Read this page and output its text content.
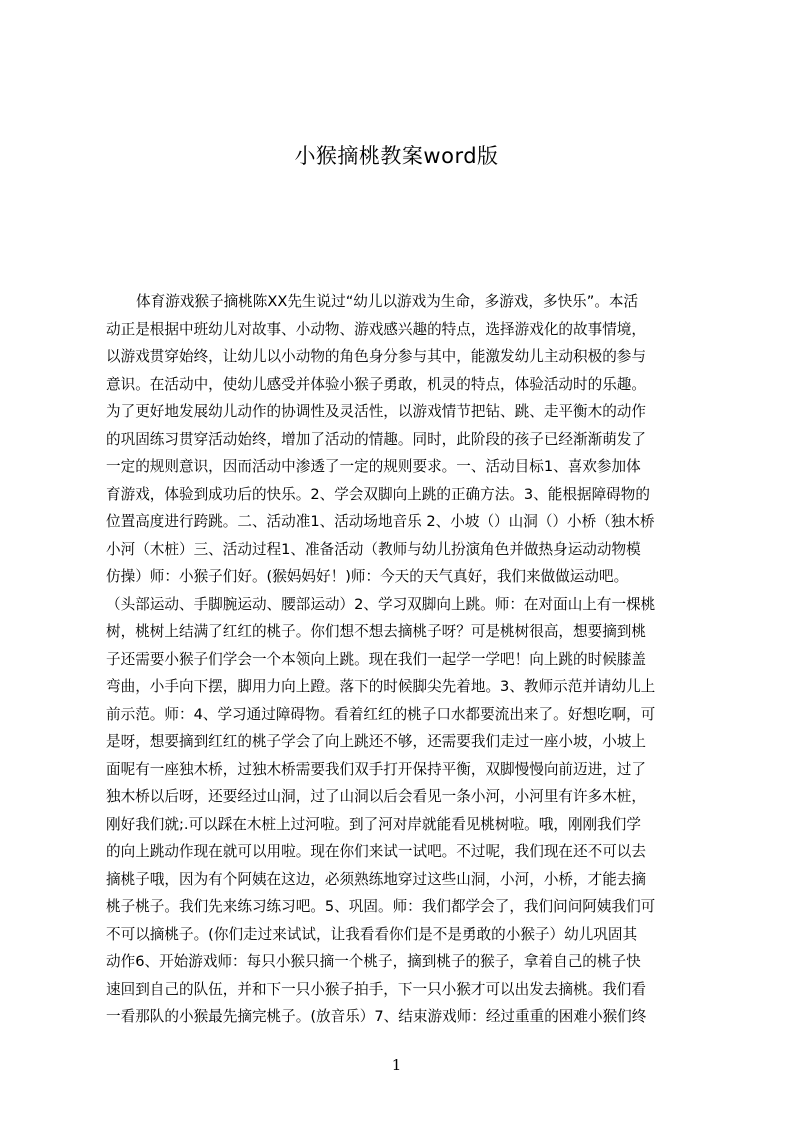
小猴摘桃教案word版
体育游戏猴子摘桃陈XX先生说过“幼儿以游戏为生命，多游戏，多快乐”。本活
动正是根据中班幼儿对故事、小动物、游戏感兴趣的特点，选择游戏化的故事情境，
以游戏贯穿始终，让幼儿以小动物的角色身分参与其中，能激发幼儿主动积极的参与
意识。在活动中，使幼儿感受并体验小猴子勇敢，机灵的特点，体验活动时的乐趣。
为了更好地发展幼儿动作的协调性及灵活性，以游戏情节把钻、跳、走平衡木的动作
的巩固练习贯穿活动始终，增加了活动的情趣。同时，此阶段的孩子已经渐渐萌发了
一定的规则意识，因而活动中渗透了一定的规则要求。一、活动目标1、喜欢参加体
育游戏，体验到成功后的快乐。2、学会双脚向上跳的正确方法。3、能根据障碍物的
位置高度进行跨跳。二、活动准1、活动场地音乐 2、小坡（）山洞（）小桥（独木桥
小河（木桩）三、活动过程1、准备活动（教师与幼儿扮演角色并做热身运动动物模
仿操）师：小猴子们好。(猴妈妈好！)师：今天的天气真好，我们来做做运动吧。
（头部运动、手脚腕运动、腰部运动）2、学习双脚向上跳。师：在对面山上有一棵桃
树，桃树上结满了红红的桃子。你们想不想去摘桃子呀？可是桃树很高，想要摘到桃
子还需要小猴子们学会一个本领向上跳。现在我们一起学一学吧！向上跳的时候膝盖
弯曲，小手向下摆，脚用力向上蹬。落下的时候脚尖先着地。3、教师示范并请幼儿上
前示范。师：4、学习通过障碍物。看着红红的桃子口水都要流出来了。好想吃啊，可
是呀，想要摘到红红的桃子学会了向上跳还不够，还需要我们走过一座小坡，小坡上
面呢有一座独木桥，过独木桥需要我们双手打开保持平衡，双脚慢慢向前迈进，过了
独木桥以后呀，还要经过山洞，过了山洞以后会看见一条小河，小河里有许多木桩，
刚好我们就;.可以踩在木桩上过河啦。到了河对岸就能看见桃树啦。哦，刚刚我们学
的向上跳动作现在就可以用啦。现在你们来试一试吧。不过呢，我们现在还不可以去
摘桃子哦，因为有个阿姨在这边，必须熟练地穿过这些山洞，小河，小桥，才能去摘
桃子桃子。我们先来练习练习吧。5、巩固。师：我们都学会了，我们问问阿姨我们可
不可以摘桃子。(你们走过来试试，让我看看你们是不是勇敢的小猴子）幼儿巩固其
动作6、开始游戏师：每只小猴只摘一个桃子，摘到桃子的猴子，拿着自己的桃子快
速回到自己的队伍，并和下一只小猴子拍手，下一只小猴才可以出发去摘桃。我们看
一看那队的小猴最先摘完桃子。(放音乐）7、结束游戏师：经过重重的困难小猴们终
1
